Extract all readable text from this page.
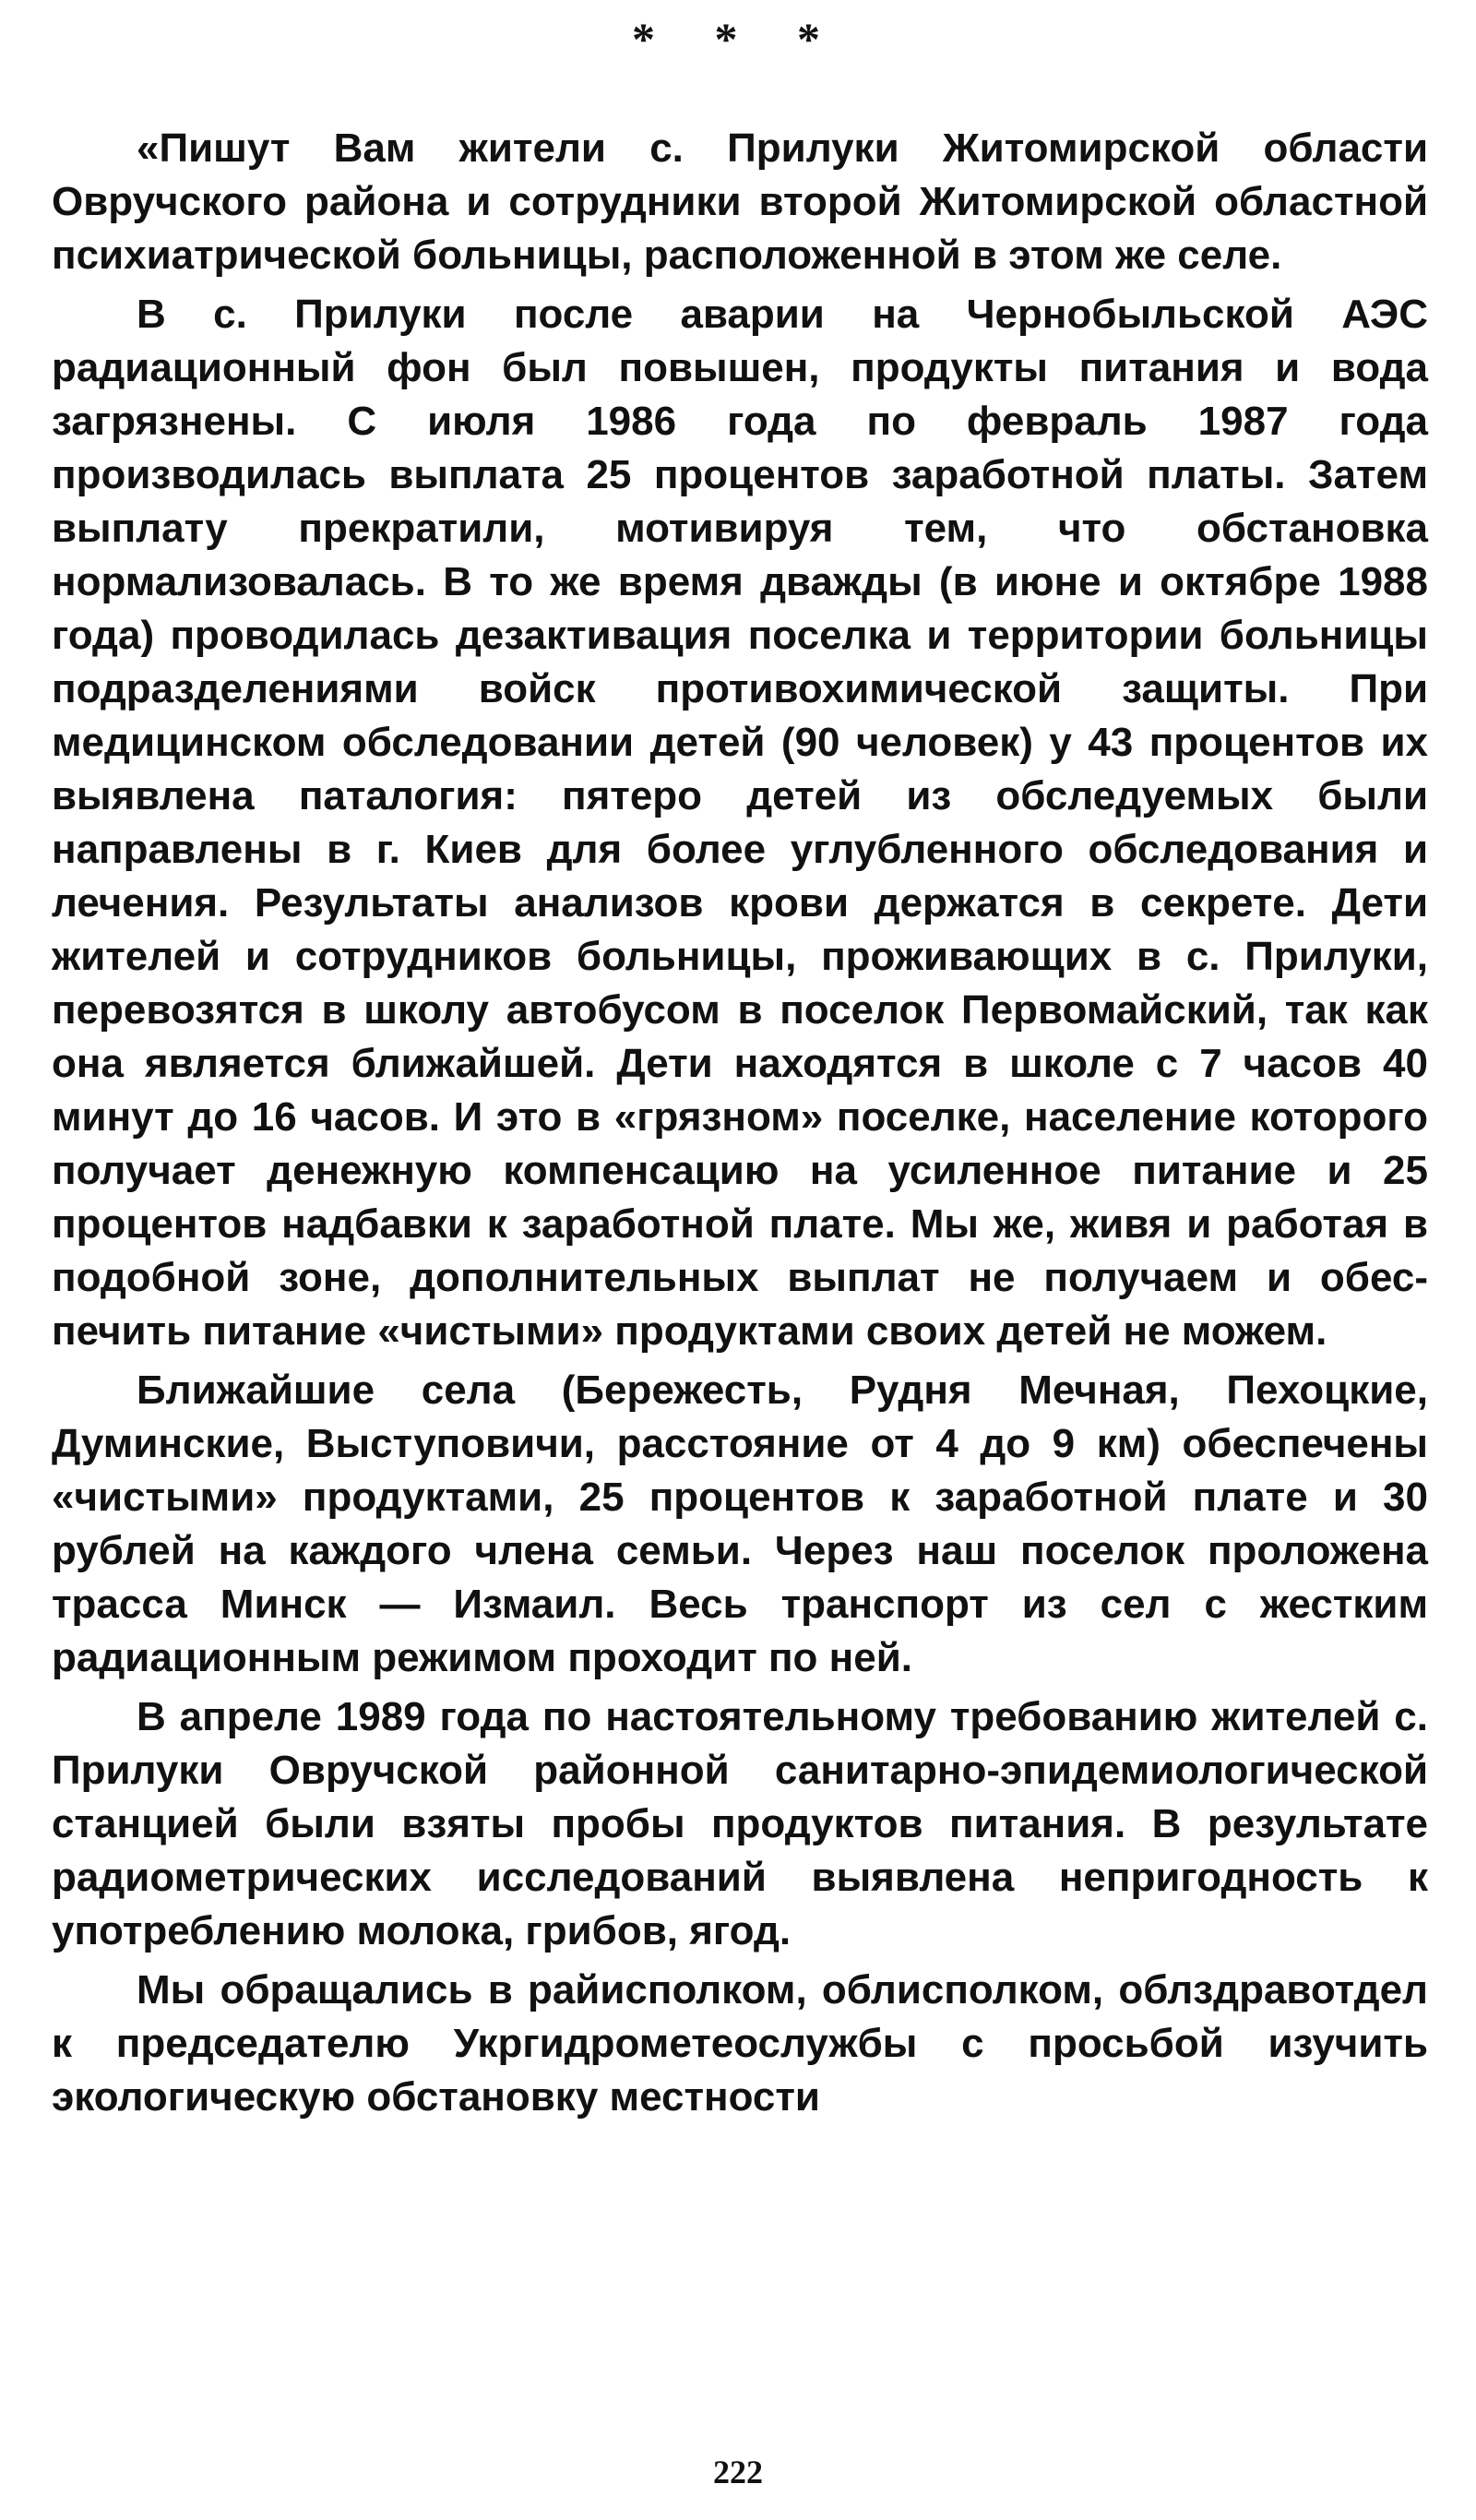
* * *

«Пишут Вам жители с. Прилуки Житомирской области Овручского района и сотрудники второй Житомирской областной психиатрической больницы, расположенной в этом же селе.

В с. Прилуки после аварии на Чернобыльской АЭС радиационный фон был повышен, продукты питания и вода загрязнены. С июля 1986 года по февраль 1987 года производилась выплата 25 процентов заработной платы. Затем выплату прекратили, мотивируя тем, что обстановка нормализовалась. В то же время дважды (в июне и октябре 1988 года) проводилась дезактивация поселка и территории больницы подразделениями войск противохимической защиты. При медицинском обследовании детей (90 человек) у 43 процентов их выявлена паталогия: пятеро детей из обследуемых были направлены в г. Киев для более углубленного обследования и лечения. Результаты анализов крови держатся в секрете. Дети жителей и сотрудников больницы, проживающих в с. Прилуки, перевозятся в школу автобусом в поселок Первомайский, так как она является ближайшей. Дети находятся в школе с 7 часов 40 минут до 16 часов. И это в «грязном» поселке, население которого получает денежную компенсацию на усиленное питание и 25 процентов надбавки к заработной плате. Мы же, живя и работая в подобной зоне, дополнительных выплат не получаем и обеспечить питание «чистыми» продуктами своих детей не можем.

Ближайшие села (Бережесть, Рудня Мечная, Пехоцкие, Думинские, Выступовичи, расстояние от 4 до 9 км) обеспечены «чистыми» продуктами, 25 процентов к заработной плате и 30 рублей на каждого члена семьи. Через наш поселок проложена трасса Минск — Измаил. Весь транспорт из сел с жестким радиационным режимом проходит по ней.

В апреле 1989 года по настоятельному требованию жителей с. Прилуки Овручской районной санитарно-эпидемиологической станцией были взяты пробы продуктов питания. В результате радиометрических исследований выявлена непригодность к употреблению молока, грибов, ягод.

Мы обращались в райисполком, облисполком, облздравотдел к председателю Укргидрометеослужбы с просьбой изучить экологическую обстановку местности

222
